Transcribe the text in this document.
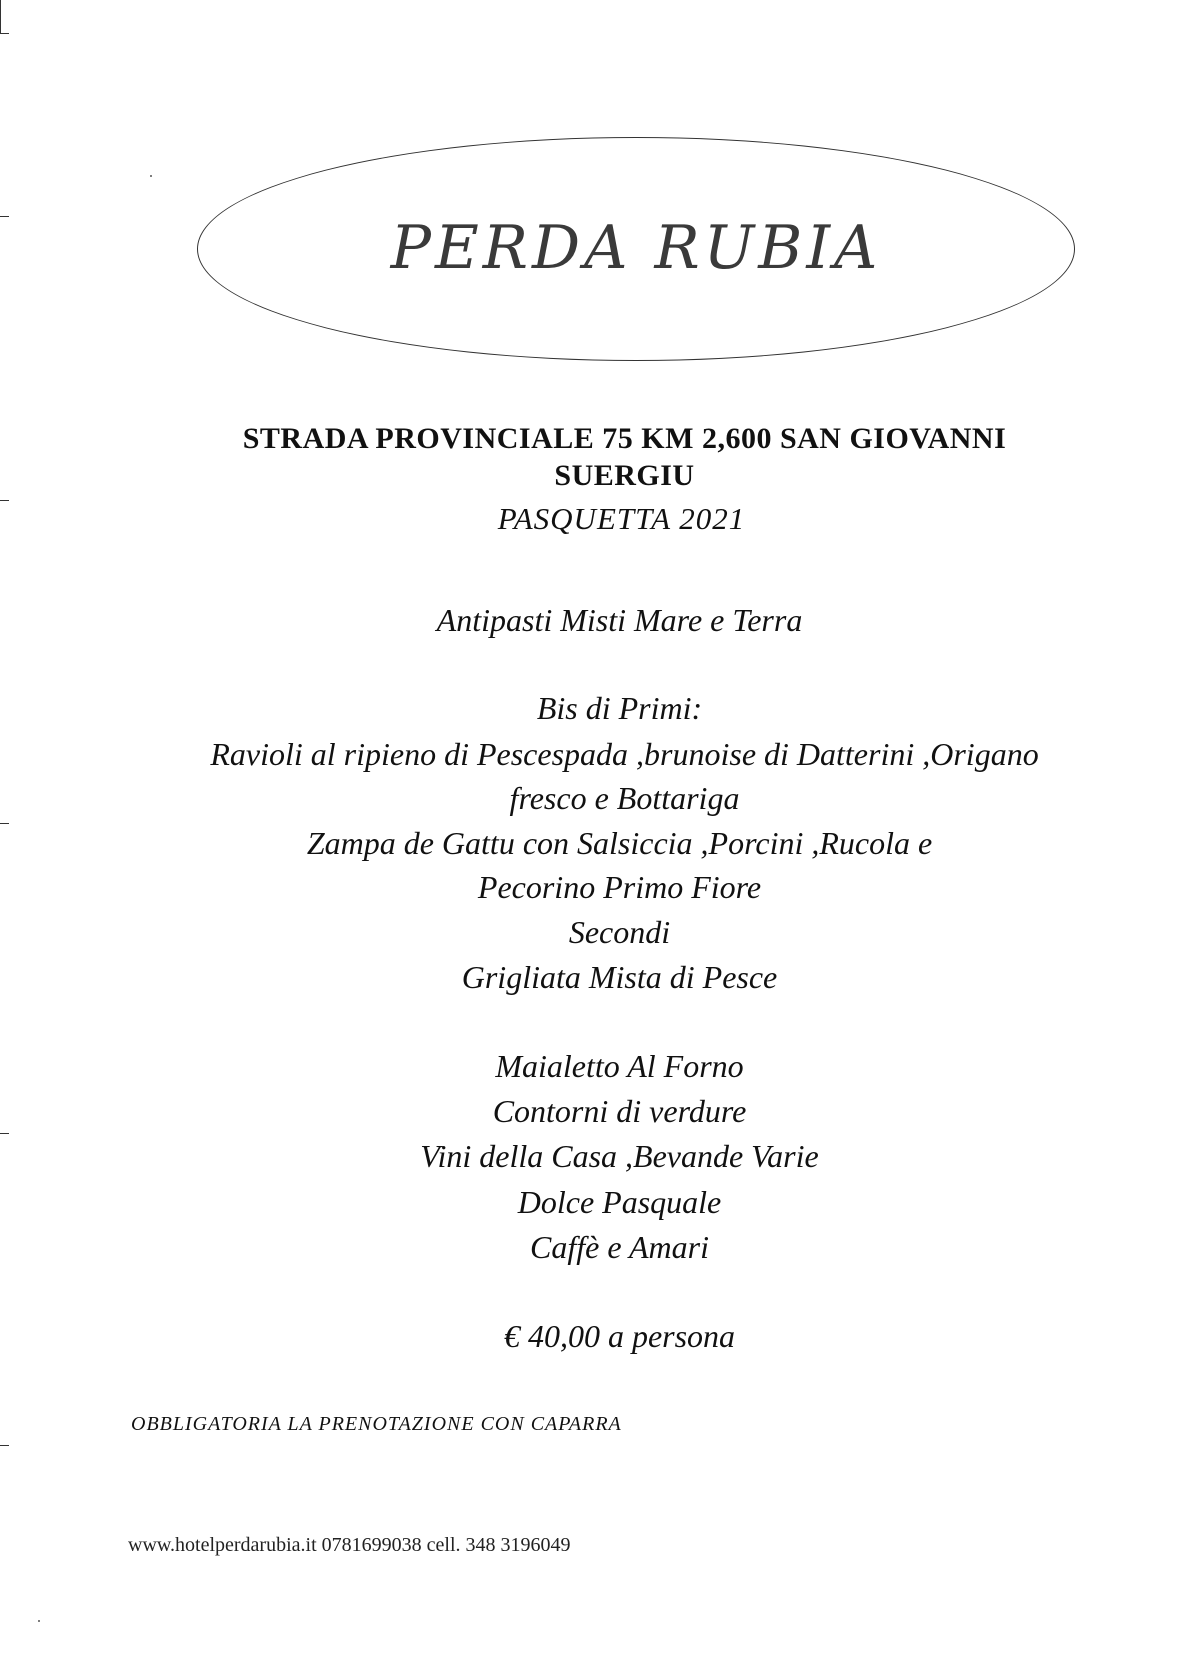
PERDA RUBIA
STRADA PROVINCIALE 75 KM 2,600 SAN GIOVANNI
SUERGIU
PASQUETTA 2021
Antipasti Misti Mare e Terra
Bis di Primi:
Ravioli al ripieno di Pescespada ,brunoise di Datterini ,Origano
fresco e Bottariga
Zampa de Gattu con Salsiccia ,Porcini ,Rucola e
Pecorino Primo Fiore
Secondi
Grigliata Mista di Pesce
Maialetto Al Forno
Contorni di verdure
Vini della Casa ,Bevande Varie
Dolce Pasquale
Caffè e Amari
€ 40,00 a persona
OBBLIGATORIA LA PRENOTAZIONE CON CAPARRA
www.hotelperdarubia.it 0781699038 cell. 348 3196049
